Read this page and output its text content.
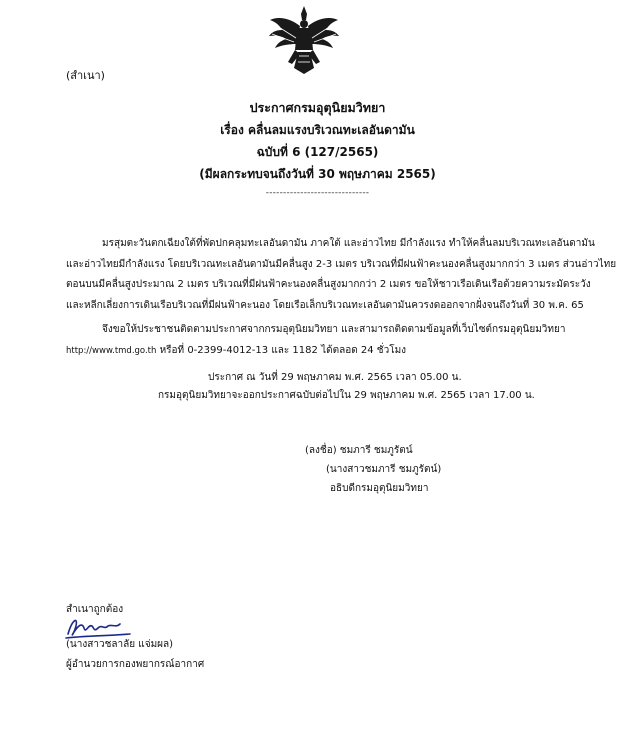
(สำเนา)
ประกาศกรมอุตุนิยมวิทยา
เรื่อง คลื่นลมแรงบริเวณทะเลอันดามัน
ฉบับที่ 6 (127/2565)
(มีผลกระทบจนถึงวันที่ 30 พฤษภาคม 2565)
------------------------------
มรสุมตะวันตกเฉียงใต้ที่พัดปกคลุมทะเลอันดามัน ภาคใต้ และอ่าวไทย มีกำลังแรง ทำให้คลื่นลมบริเวณทะเลอันดามัน
และอ่าวไทยมีกำลังแรง โดยบริเวณทะเลอันดามันมีคลื่นสูง 2-3 เมตร บริเวณที่มีฝนฟ้าคะนองคลื่นสูงมากกว่า 3 เมตร ส่วนอ่าวไทย
ตอนบนมีคลื่นสูงประมาณ 2 เมตร บริเวณที่มีฝนฟ้าคะนองคลื่นสูงมากกว่า 2 เมตร ขอให้ชาวเรือเดินเรือด้วยความระมัดระวัง
และหลีกเลี่ยงการเดินเรือบริเวณที่มีฝนฟ้าคะนอง โดยเรือเล็กบริเวณทะเลอันดามันควรงดออกจากฝั่งจนถึงวันที่ 30 พ.ค. 65
จึงขอให้ประชาชนติดตามประกาศจากกรมอุตุนิยมวิทยา และสามารถติดตามข้อมูลที่เว็บไซต์กรมอุตุนิยมวิทยา
http://www.tmd.go.th หรือที่ 0-2399-4012-13 และ 1182 ได้ตลอด 24 ชั่วโมง
ประกาศ ณ วันที่ 29 พฤษภาคม พ.ศ. 2565 เวลา 05.00 น.
กรมอุตุนิยมวิทยาจะออกประกาศฉบับต่อไปใน 29 พฤษภาคม พ.ศ. 2565 เวลา 17.00 น.
(ลงชื่อ) ชมภารี ชมภูรัตน์
(นางสาวชมภารี ชมภูรัตน์)
อธิบดีกรมอุตุนิยมวิทยา
สำเนาถูกต้อง
(นางสาวชลาลัย แจ่มผล)
ผู้อำนวยการกองพยากรณ์อากาศ
